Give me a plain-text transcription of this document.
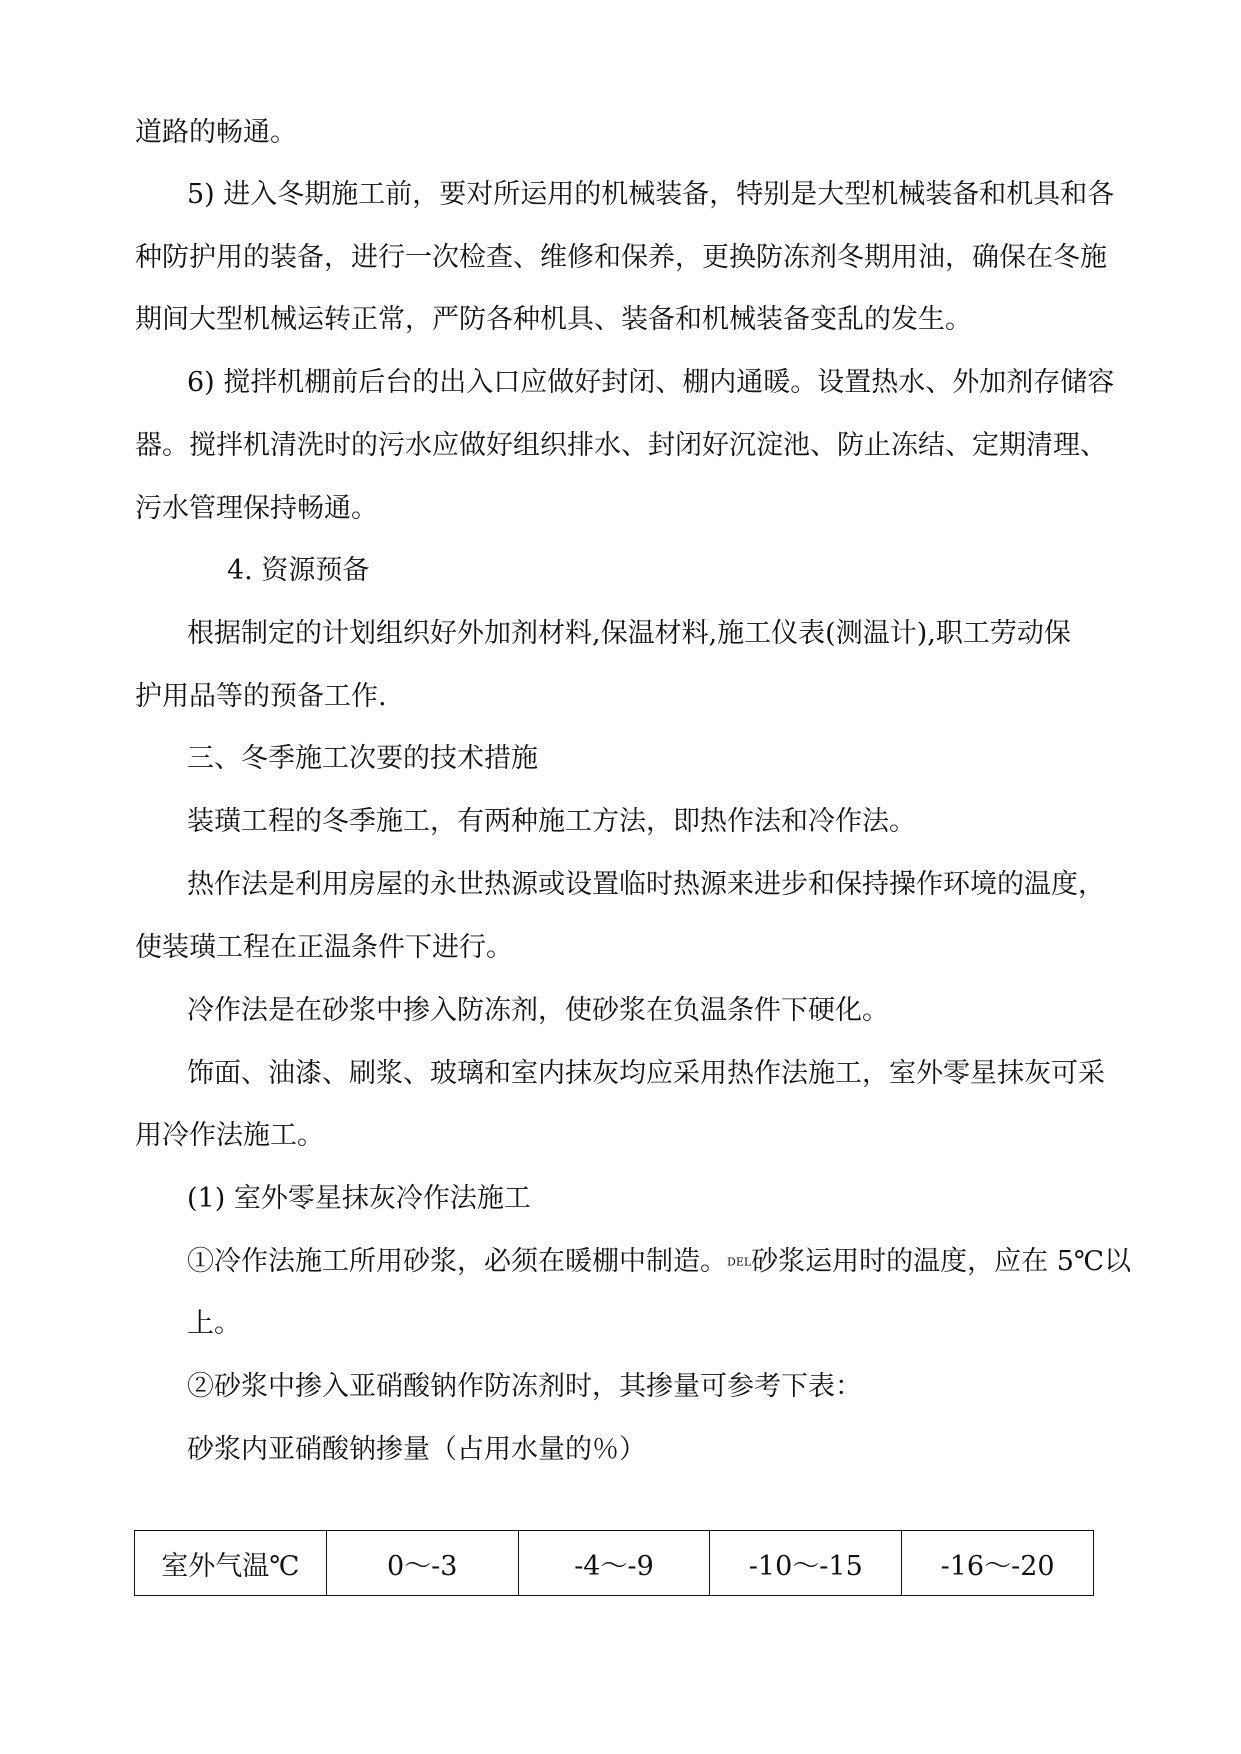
道路的畅通。
5) 进入冬期施工前，要对所运用的机械装备，特别是大型机械装备和机具和各
种防护用的装备，进行一次检查、维修和保养，更换防冻剂冬期用油，确保在冬施
期间大型机械运转正常，严防各种机具、装备和机械装备变乱的发生。
6) 搅拌机棚前后台的出入口应做好封闭、棚内通暖。设置热水、外加剂存储容
器。搅拌机清洗时的污水应做好组织排水、封闭好沉淀池、防止冻结、定期清理、
污水管理保持畅通。
4. 资源预备
根据制定的计划组织好外加剂材料,保温材料,施工仪表(测温计),职工劳动保
护用品等的预备工作.
三、冬季施工次要的技术措施
装璜工程的冬季施工，有两种施工方法，即热作法和冷作法。
热作法是利用房屋的永世热源或设置临时热源来进步和保持操作环境的温度，
使装璜工程在正温条件下进行。
冷作法是在砂浆中掺入防冻剂，使砂浆在负温条件下硬化。
饰面、油漆、刷浆、玻璃和室内抹灰均应采用热作法施工，室外零星抹灰可采
用冷作法施工。
(1) 室外零星抹灰冷作法施工
①冷作法施工所用砂浆，必须在暖棚中制造。DEL砂浆运用时的温度，应在 5℃以
上。
②砂浆中掺入亚硝酸钠作防冻剂时，其掺量可参考下表：
砂浆内亚硝酸钠掺量（占用水量的％）
室外气温℃	0～-3	-4～-9	-10～-15	-16～-20
